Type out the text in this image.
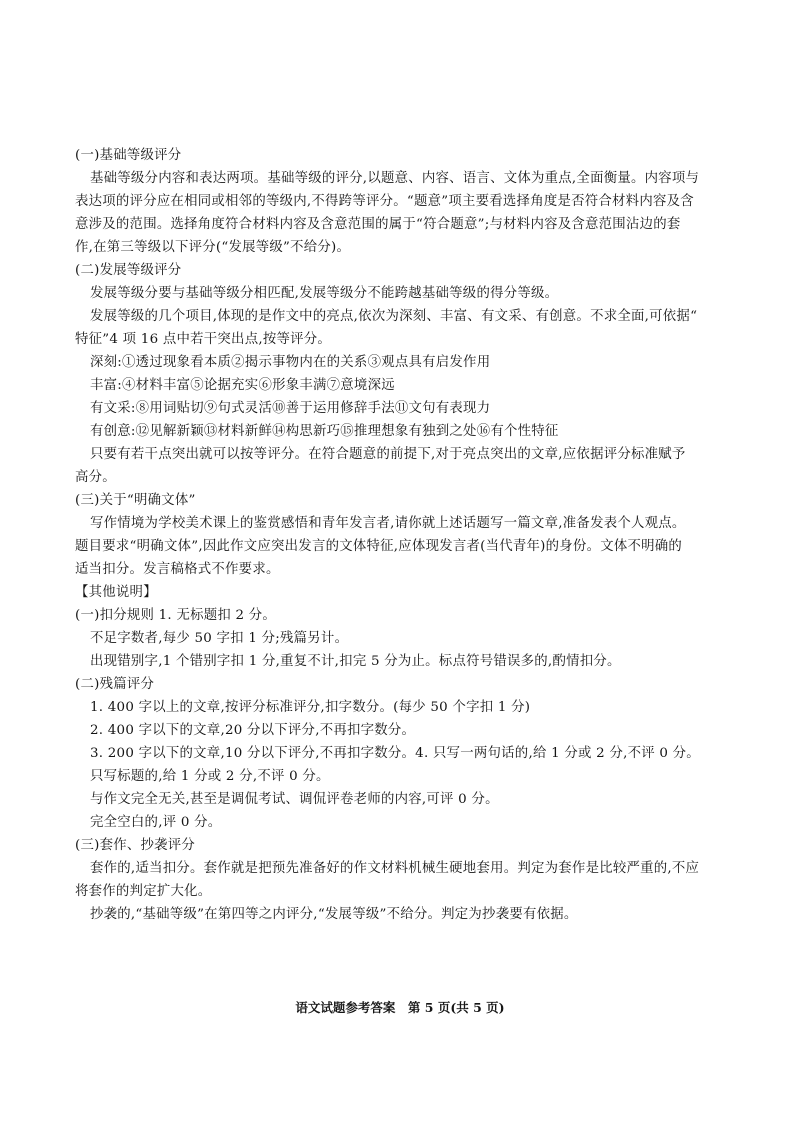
(一)基础等级评分

基础等级分内容和表达两项。基础等级的评分,以题意、内容、语言、文体为重点,全面衡量。内容项与

表达项的评分应在相同或相邻的等级内,不得跨等评分。“题意”项主要看选择角度是否符合材料内容及含

意涉及的范围。选择角度符合材料内容及含意范围的属于“符合题意”;与材料内容及含意范围沾边的套

作,在第三等级以下评分(“发展等级”不给分)。

(二)发展等级评分

发展等级分要与基础等级分相匹配,发展等级分不能跨越基础等级的得分等级。

发展等级的几个项目,体现的是作文中的亮点,依次为深刻、丰富、有文采、有创意。不求全面,可依据“

特征”4 项 16 点中若干突出点,按等评分。

深刻:①透过现象看本质②揭示事物内在的关系③观点具有启发作用

丰富:④材料丰富⑤论据充实⑥形象丰满⑦意境深远

有文采:⑧用词贴切⑨句式灵活⑩善于运用修辞手法⑪文句有表现力

有创意:⑫见解新颖⑬材料新鲜⑭构思新巧⑮推理想象有独到之处⑯有个性特征

只要有若干点突出就可以按等评分。在符合题意的前提下,对于亮点突出的文章,应依据评分标准赋予

高分。

(三)关于“明确文体”

写作情境为学校美术课上的鉴赏感悟和青年发言者,请你就上述话题写一篇文章,准备发表个人观点。

题目要求“明确文体”,因此作文应突出发言的文体特征,应体现发言者(当代青年)的身份。文体不明确的

适当扣分。发言稿格式不作要求。

【其他说明】

(一)扣分规则 1. 无标题扣 2 分。

不足字数者,每少 50 字扣 1 分;残篇另计。

出现错别字,1 个错别字扣 1 分,重复不计,扣完 5 分为止。标点符号错误多的,酌情扣分。

(二)残篇评分

1. 400 字以上的文章,按评分标准评分,扣字数分。(每少 50 个字扣 1 分)

2. 400 字以下的文章,20 分以下评分,不再扣字数分。

3. 200 字以下的文章,10 分以下评分,不再扣字数分。4. 只写一两句话的,给 1 分或 2 分,不评 0 分。

只写标题的,给 1 分或 2 分,不评 0 分。

与作文完全无关,甚至是调侃考试、调侃评卷老师的内容,可评 0 分。

完全空白的,评 0 分。

(三)套作、抄袭评分

套作的,适当扣分。套作就是把预先准备好的作文材料机械生硬地套用。判定为套作是比较严重的,不应

将套作的判定扩大化。

抄袭的,“基础等级”在第四等之内评分,“发展等级”不给分。判定为抄袭要有依据。

语文试题参考答案　第 5 页(共 5 页)
